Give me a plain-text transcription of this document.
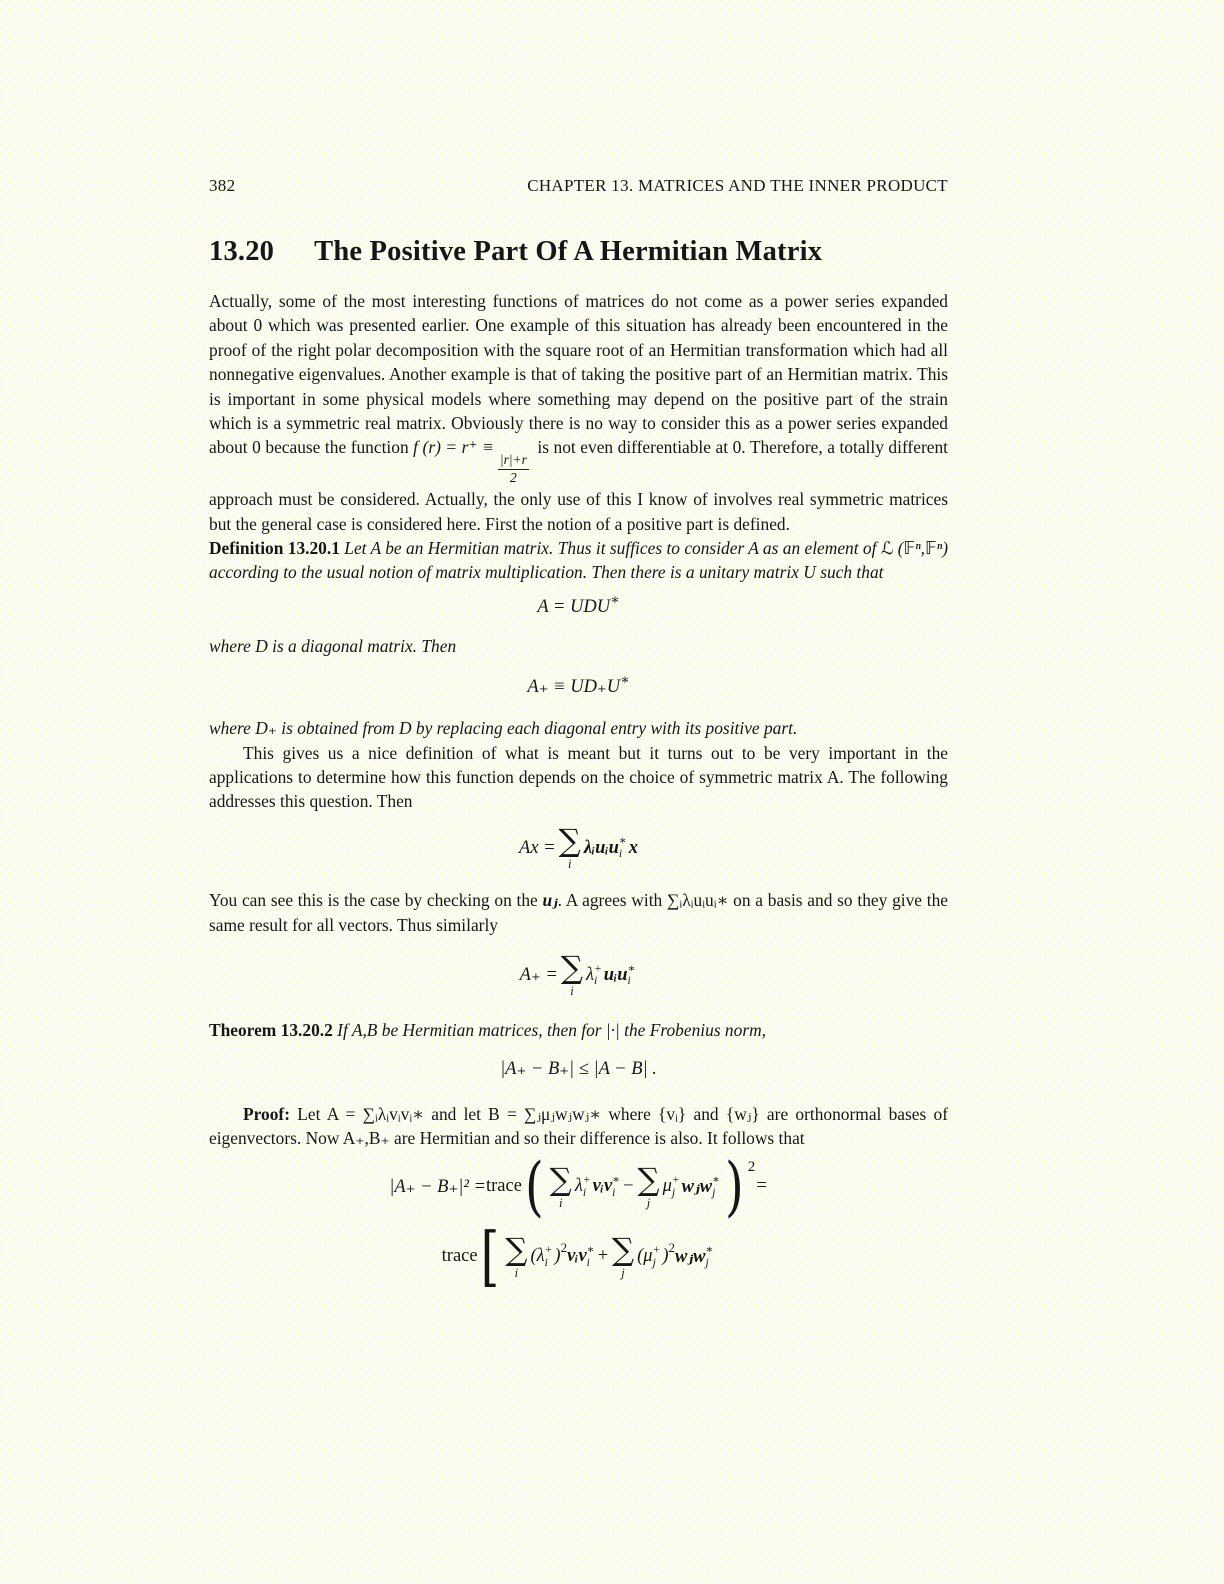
382	CHAPTER 13. MATRICES AND THE INNER PRODUCT
13.20 The Positive Part Of A Hermitian Matrix

Actually, some of the most interesting functions of matrices do not come as a power series expanded about 0 which was presented earlier. One example of this situation has already been encountered in the proof of the right polar decomposition with the square root of an Hermitian transformation which had all nonnegative eigenvalues. Another example is that of taking the positive part of an Hermitian matrix. This is important in some physical models where something may depend on the positive part of the strain which is a symmetric real matrix. Obviously there is no way to consider this as a power series expanded about 0 because the function f (r) = r⁺ ≡
$\frac{|r|+r}{2}$
is not even differentiable at 0. Therefore, a totally different approach must be considered. Actually, the only use of this I know of involves real symmetric matrices but the general case is considered here. First the notion of a positive part is defined.

Definition 13.20.1 Let A be an Hermitian matrix. Thus it suffices to consider A as an element of ℒ (𝔽ⁿ,𝔽ⁿ) according to the usual notion of matrix multiplication. Then there is a unitary matrix U such that

A = UDU ∗

where D is a diagonal matrix. Then

A₊ ≡ UD₊U ∗

where D₊ is obtained from D by replacing each diagonal entry with its positive part.

This gives us a nice definition of what is meant but it turns out to be very important in the applications to determine how this function depends on the choice of symmetric matrix A. The following addresses this question. Then

Ax = ∑
i
λᵢuᵢu ∗
i x

You can see this is the case by checking on the uⱼ. A agrees with ∑ᵢλᵢuᵢuᵢ∗ on a basis and so they give the same result for all vectors. Thus similarly

A₊ = ∑
i
λ +
i uᵢu ∗
i

Theorem 13.20.2 If A,B be Hermitian matrices, then for |·| the Frobenius norm,

|A₊ − B₊| ≤ |A − B| .

Proof: Let A = ∑ᵢλᵢvᵢvᵢ∗ and let B = ∑ⱼμⱼwⱼwⱼ∗ where {vᵢ} and {wⱼ} are orthonormal bases of eigenvectors. Now A₊,B₊ are Hermitian and so their difference is also. It follows that

|A₊ − B₊|² = trace ( ∑
i
λ +
i vᵢv ∗
i − ∑
j
μ +
j wⱼw ∗
j ) 2
=
trace [ ∑
i
( λ +
i ) 2 vᵢv ∗
i + ∑
j
( μ +
j ) 2 wⱼw ∗
j
